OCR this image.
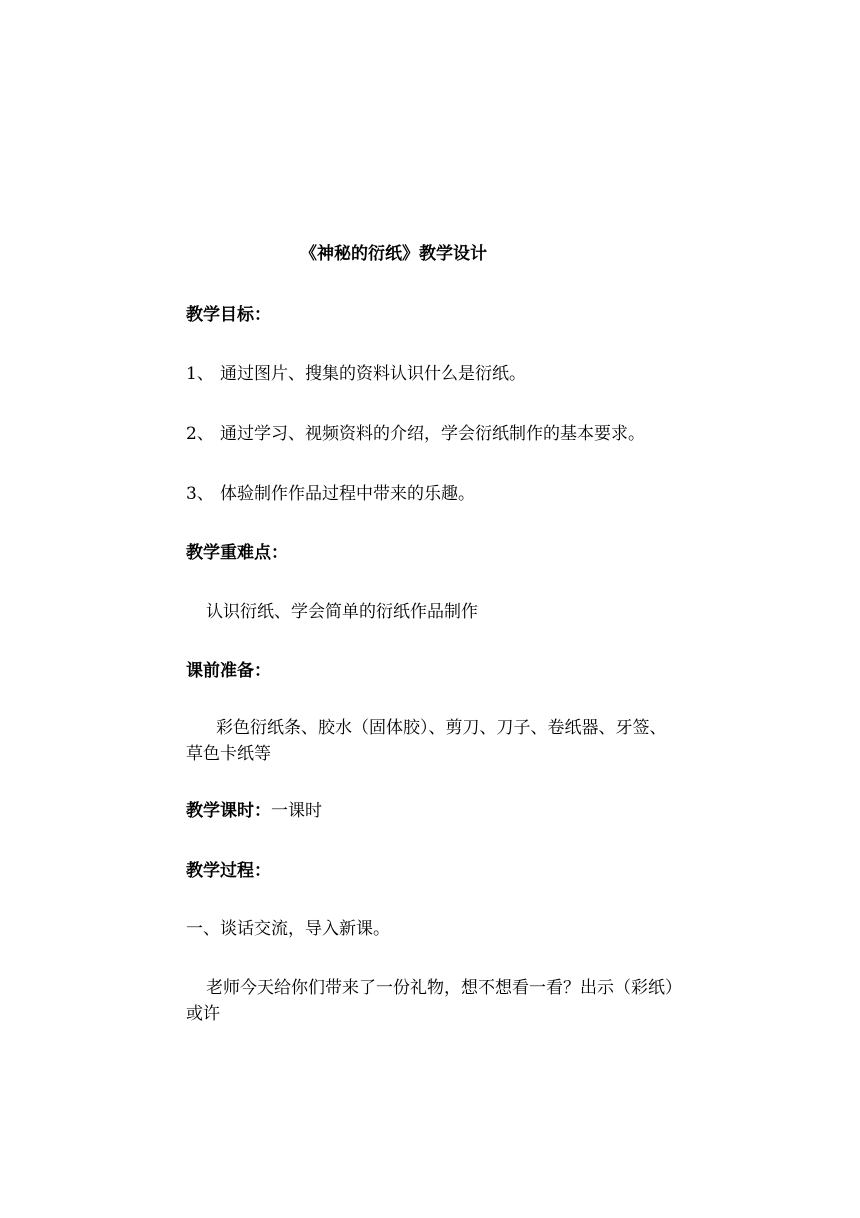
《神秘的衍纸》教学设计
教学目标：
1、 通过图片、搜集的资料认识什么是衍纸。
2、 通过学习、视频资料的介绍，学会衍纸制作的基本要求。
3、 体验制作作品过程中带来的乐趣。
教学重难点：
认识衍纸、学会简单的衍纸作品制作
课前准备：
彩色衍纸条、胶水（固体胶）、剪刀、刀子、卷纸器、牙签、草色卡纸等
教学课时：一课时
教学过程：
一、谈话交流，导入新课。
老师今天给你们带来了一份礼物，想不想看一看？出示（彩纸）或许
